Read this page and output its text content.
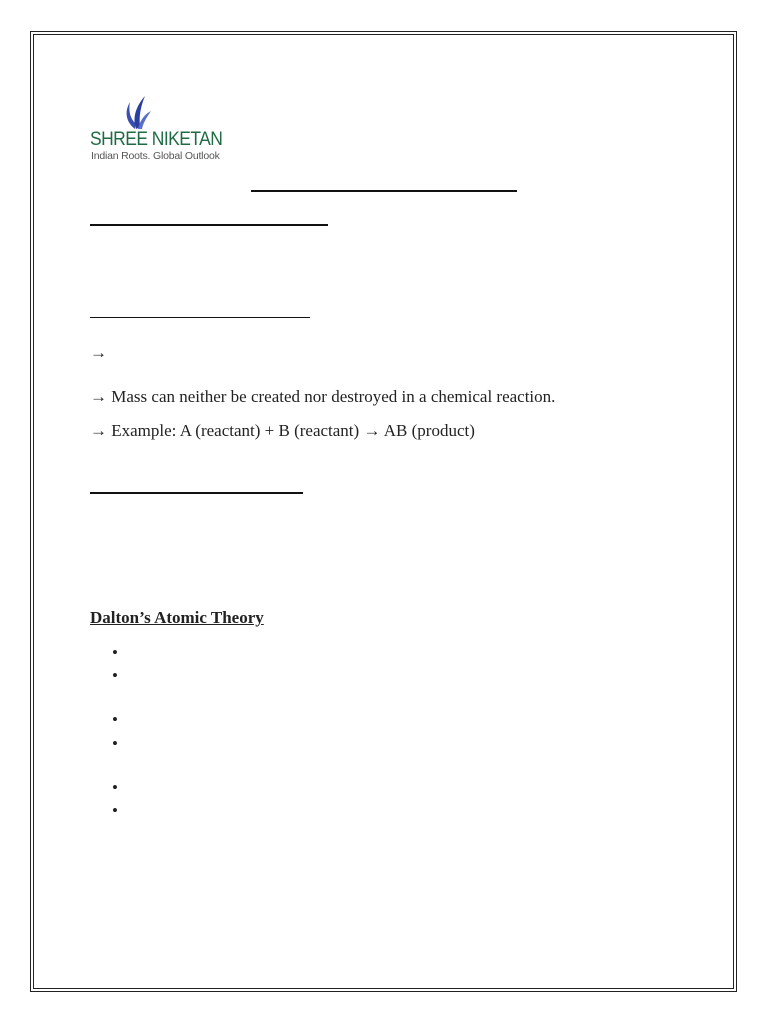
SHREE NIKETAN
Indian Roots. Global Outlook
→
→ Mass can neither be created nor destroyed in a chemical reaction.
→ Example: A (reactant) + B (reactant) → AB (product)
Dalton’s Atomic Theory
•
•
•
•
•
•
